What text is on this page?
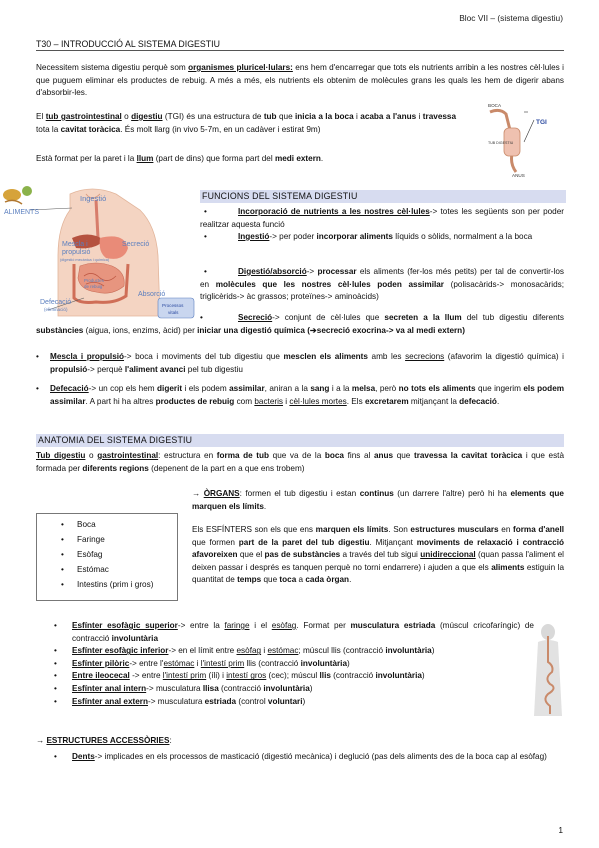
Bloc VII – (sistema digestiu)
T30 – INTRODUCCIÓ AL SISTEMA DIGESTIU
Necessitem sistema digestiu perquè som organismes pluricel·lulars: ens hem d'encarregar que tots els nutrients arribin a les nostres cèl·lules i que puguem eliminar els productes de rebuig. A més a més, els nutrients els obtenim de molècules grans les quals les hem de digerir abans d'absorbir-les.
El tub gastrointestinal o digestiu (TGI) és una estructura de tub que inicia a la boca i acaba a l'anus i travessa tota la cavitat toràcica. És molt llarg (in vivo 5-7m, en un cadàver i estirat 9m)
Està format per la paret i la llum (part de dins) que forma part del medi extern.
BOCA
TGI
TUB DIGESTIU
ANUS
ALIMENTS
Ingestió
Mescla i
propulsió
(digestió mecànica i química)
Secreció
Productes
de rebuig
Absorció
Defecació
(eliminació)
Processos
vitals
FUNCIONS DEL SISTEMA DIGESTIU
•	Incorporació de nutrients a les nostres cèl·lules-> totes les següents son per poder realitzar aquesta funció
•	Ingestió-> per poder incorporar aliments líquids o sòlids, normalment a la boca
•	Digestió/absorció-> processar els aliments (fer-los més petits) per tal de convertir-los en molècules que les nostres cèl·lules poden assimilar (polisacàrids-> monosacàrids; triglicèrids-> àc grassos; proteïnes-> aminoàcids)
•	Secreció-> conjunt de cèl·lules que secreten a la llum del tub digestiu diferents substàncies (aigua, ions, enzims, àcid) per iniciar una digestió química (➔secreció exocrina-> va al medi extern)
• Mescla i propulsió-> boca i moviments del tub digestiu que mesclen els aliments amb les secrecions (afavorim la digestió química) i propulsió-> perquè l'aliment avanci pel tub digestiu
• Defecació-> un cop els hem digerit i els podem assimilar, aniran a la sang i a la melsa, però no tots els aliments que ingerim els podem assimilar. A part hi ha altres productes de rebuig com bacteris i cèl·lules mortes. Els excretarem mitjançant la defecació.
ANATOMIA DEL SISTEMA DIGESTIU
Tub digestiu o gastrointestinal: estructura en forma de tub que va de la boca fins al anus que travessa la cavitat toràcica i que està formada per diferents regions (depenent de la part en a que ens trobem)
→ ÒRGANS: formen el tub digestiu i estan continus (un darrere l'altre) però hi ha elements que marquen els límits.
• Boca
• Faringe
• Esòfag
• Estómac
• Intestins (prim i gros)
Els ESFÍNTERS son els que ens marquen els límits. Son estructures musculars en forma d'anell que formen part de la paret del tub digestiu. Mitjançant moviments de relaxació i contracció afavoreixen que el pas de substàncies a través del tub sigui unidireccional (quan passa l'aliment el deixen passar i després es tanquen perquè no torni endarrere) i ajuden a que els aliments estiguin la quantitat de temps que toca a cada òrgan.
• Esfínter esofàgic superior-> entre la faringe i el esòfag. Format per musculatura estriada (múscul cricofaríngic) de contracció involuntària
• Esfínter esofàgic inferior-> en el límit entre esòfag i estómac; múscul llis (contracció involuntària)
• Esfínter pilòric-> entre l'estómac i l'intestí prim llis (contracció involuntària)
• Entre ileocecal -> entre l'intestí prim (íli) i intestí gros (cec); múscul llis (contracció involuntària)
• Esfínter anal intern-> musculatura llisa (contracció involuntària)
• Esfínter anal extern-> musculatura estriada (control voluntari)
→ ESTRUCTURES ACCESSÒRIES:
• Dents-> implicades en els processos de masticació (digestió mecànica) i deglució (pas dels aliments des de la boca cap al esòfag)
1
